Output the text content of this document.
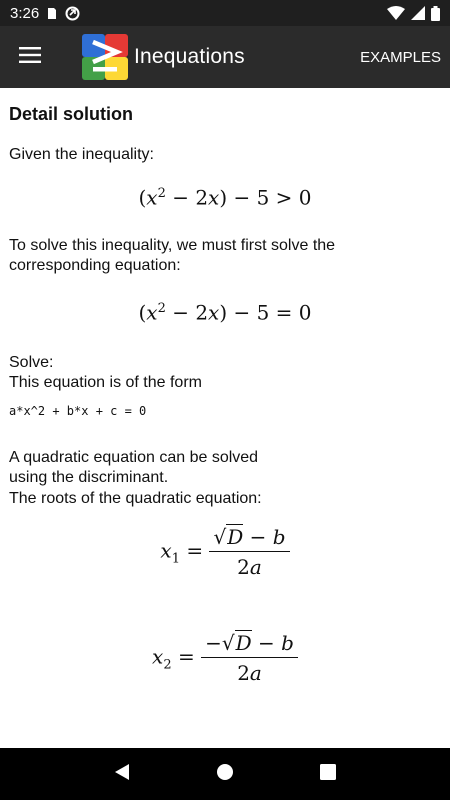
3:26
Inequations	EXAMPLES
Detail solution
Given the inequality:
$(x^2 - 2x) - 5 > 0$
To solve this inequality, we must first solve the
corresponding equation:
$(x^2 - 2x) - 5 = 0$
Solve:
This equation is of the form
a*x^2 + b*x + c = 0
A quadratic equation can be solved
using the discriminant.
The roots of the quadratic equation:
$x_1 = \frac{√D - b}{2a}$
$x_2 = \frac{-√D - b}{2a}$
